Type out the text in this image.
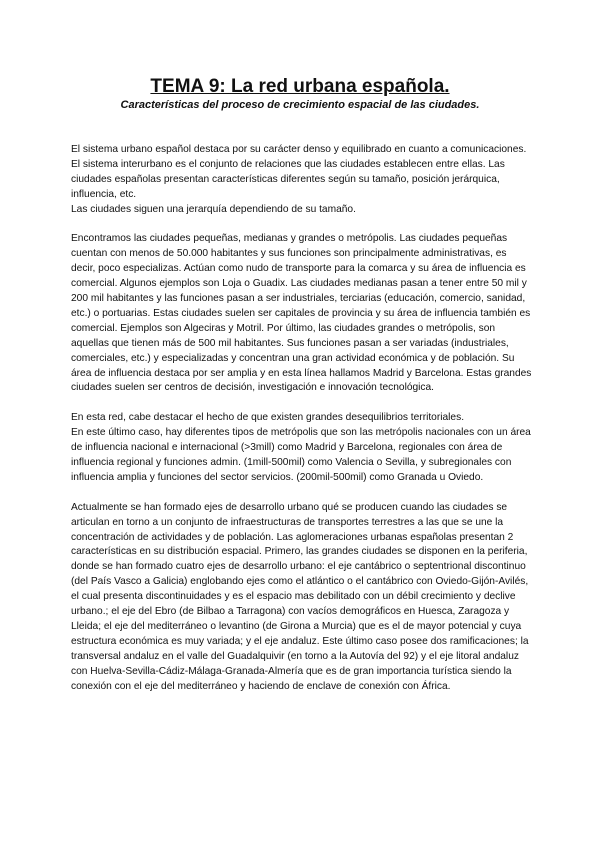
TEMA 9: La red urbana española.
Características del proceso de crecimiento espacial de las ciudades.

El sistema urbano español destaca por su carácter denso y equilibrado en cuanto a comunicaciones. El sistema interurbano es el conjunto de relaciones que las ciudades establecen entre ellas. Las ciudades españolas presentan características diferentes según su tamaño, posición jerárquica, influencia, etc.

Las ciudades siguen una jerarquía dependiendo de su tamaño.

Encontramos las ciudades pequeñas, medianas y grandes o metrópolis. Las ciudades pequeñas cuentan con menos de 50.000 habitantes y sus funciones son principalmente administrativas, es decir, poco especializas. Actúan como nudo de transporte para la comarca y su área de influencia es comercial. Algunos ejemplos son Loja o Guadix. Las ciudades medianas pasan a tener entre 50 mil y 200 mil habitantes y las funciones pasan a ser industriales, terciarias (educación, comercio, sanidad, etc.) o portuarias. Estas ciudades suelen ser capitales de provincia y su área de influencia también es comercial. Ejemplos son Algeciras y Motril. Por último, las ciudades grandes o metrópolis, son aquellas que tienen más de 500 mil habitantes. Sus funciones pasan a ser variadas (industriales, comerciales, etc.) y especializadas y concentran una gran actividad económica y de población. Su área de influencia destaca por ser amplia y en esta línea hallamos Madrid y Barcelona. Estas grandes ciudades suelen ser centros de decisión, investigación e innovación tecnológica.

En esta red, cabe destacar el hecho de que existen grandes desequilibrios territoriales.

En este último caso, hay diferentes tipos de metrópolis que son las metrópolis nacionales con un área de influencia nacional e internacional (>3mill) como Madrid y Barcelona, regionales con área de influencia regional y funciones admin. (1mill-500mil) como Valencia o Sevilla, y subregionales con influencia amplia y funciones del sector servicios. (200mil-500mil) como Granada u Oviedo.

Actualmente se han formado ejes de desarrollo urbano qué se producen cuando las ciudades se articulan en torno a un conjunto de infraestructuras de transportes terrestres a las que se une la concentración de actividades y de población. Las aglomeraciones urbanas españolas presentan 2 características en su distribución espacial. Primero, las grandes ciudades se disponen en la periferia, donde se han formado cuatro ejes de desarrollo urbano: el eje cantábrico o septentrional discontinuo (del País Vasco a Galicia) englobando ejes como el atlántico o el cantábrico con Oviedo-Gijón-Avilés, el cual presenta discontinuidades y es el espacio mas debilitado con un débil crecimiento y declive urbano.; el eje del Ebro (de Bilbao a Tarragona) con vacíos demográficos en Huesca, Zaragoza y Lleida; el eje del mediterráneo o levantino (de Girona a Murcia) que es el de mayor potencial y cuya estructura económica es muy variada; y el eje andaluz. Este último caso posee dos ramificaciones; la transversal andaluz en el valle del Guadalquivir (en torno a la Autovía del 92) y el eje litoral andaluz con Huelva-Sevilla-Cádiz-Málaga-Granada-Almería que es de gran importancia turística siendo la conexión con el eje del mediterráneo y haciendo de enclave de conexión con África.
